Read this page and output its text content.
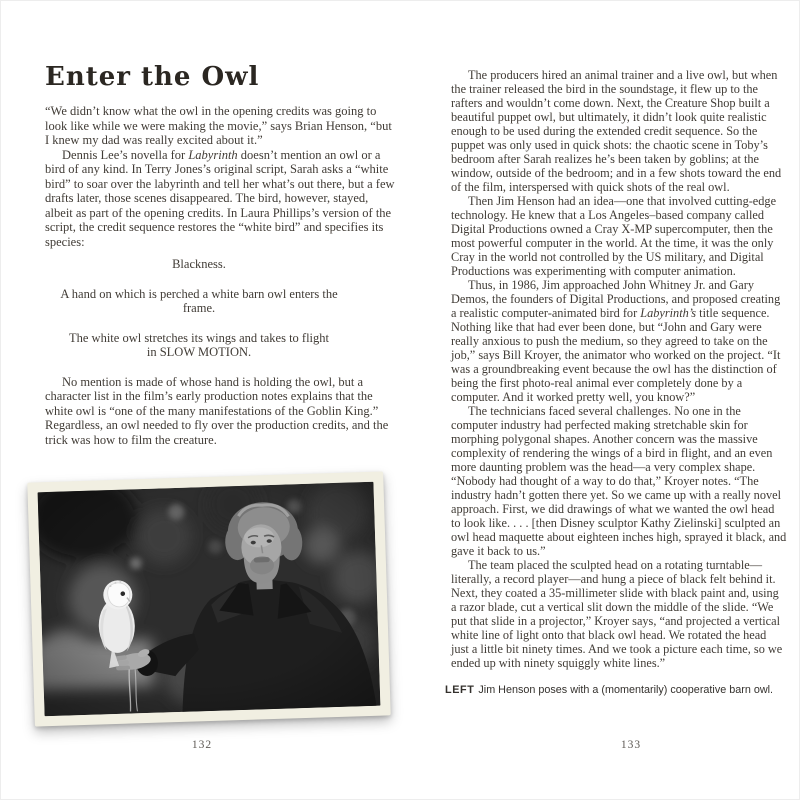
Enter the Owl

“We didn’t know what the owl in the opening credits was going to look like while we were making the movie,” says Brian Henson, “but I knew my dad was really excited about it.”

Dennis Lee’s novella for Labyrinth doesn’t mention an owl or a bird of any kind. In Terry Jones’s original script, Sarah asks a “white bird” to soar over the labyrinth and tell her what’s out there, but a few drafts later, those scenes disappeared. The bird, however, stayed, albeit as part of the opening credits. In Laura Phillips’s version of the script, the credit sequence restores the “white bird” and specifies its species:

Blackness.

A hand on which is perched a white barn owl enters the frame.

The white owl stretches its wings and takes to flight
in SLOW MOTION.

No mention is made of whose hand is holding the owl, but a character list in the film’s early production notes explains that the white owl is “one of the many manifestations of the Goblin King.” Regardless, an owl needed to fly over the production credits, and the trick was how to film the creature.

The producers hired an animal trainer and a live owl, but when the trainer released the bird in the soundstage, it flew up to the rafters and wouldn’t come down. Next, the Creature Shop built a beautiful puppet owl, but ultimately, it didn’t look quite realistic enough to be used during the extended credit sequence. So the puppet was only used in quick shots: the chaotic scene in Toby’s bedroom after Sarah realizes he’s been taken by goblins; at the window, outside of the bedroom; and in a few shots toward the end of the film, interspersed with quick shots of the real owl.

Then Jim Henson had an idea—one that involved cutting-edge technology. He knew that a Los Angeles–based company called Digital Productions owned a Cray X-MP supercomputer, then the most powerful computer in the world. At the time, it was the only Cray in the world not controlled by the US military, and Digital Productions was experimenting with computer animation.

Thus, in 1986, Jim approached John Whitney Jr. and Gary Demos, the founders of Digital Productions, and proposed creating a realistic computer-animated bird for Labyrinth’s title sequence. Nothing like that had ever been done, but “John and Gary were really anxious to push the medium, so they agreed to take on the job,” says Bill Kroyer, the animator who worked on the project. “It was a groundbreaking event because the owl has the distinction of being the first photo-real animal ever completely done by a computer. And it worked pretty well, you know?”

The technicians faced several challenges. No one in the computer industry had perfected making stretchable skin for morphing polygonal shapes. Another concern was the massive complexity of rendering the wings of a bird in flight, and an even more daunting problem was the head—a very complex shape. “Nobody had thought of a way to do that,” Kroyer notes. “The industry hadn’t gotten there yet. So we came up with a really novel approach. First, we did drawings of what we wanted the owl head to look like. . . . [then Disney sculptor Kathy Zielinski] sculpted an owl head maquette about eighteen inches high, sprayed it black, and gave it back to us.”

The team placed the sculpted head on a rotating turntable—literally, a record player—and hung a piece of black felt behind it. Next, they coated a 35-millimeter slide with black paint and, using a razor blade, cut a vertical slit down the middle of the slide. “We put that slide in a projector,” Kroyer says, “and projected a vertical white line of light onto that black owl head. We rotated the head just a little bit ninety times. And we took a picture each time, so we ended up with ninety squiggly white lines.”

LEFT Jim Henson poses with a (momentarily) cooperative barn owl.

132	133
